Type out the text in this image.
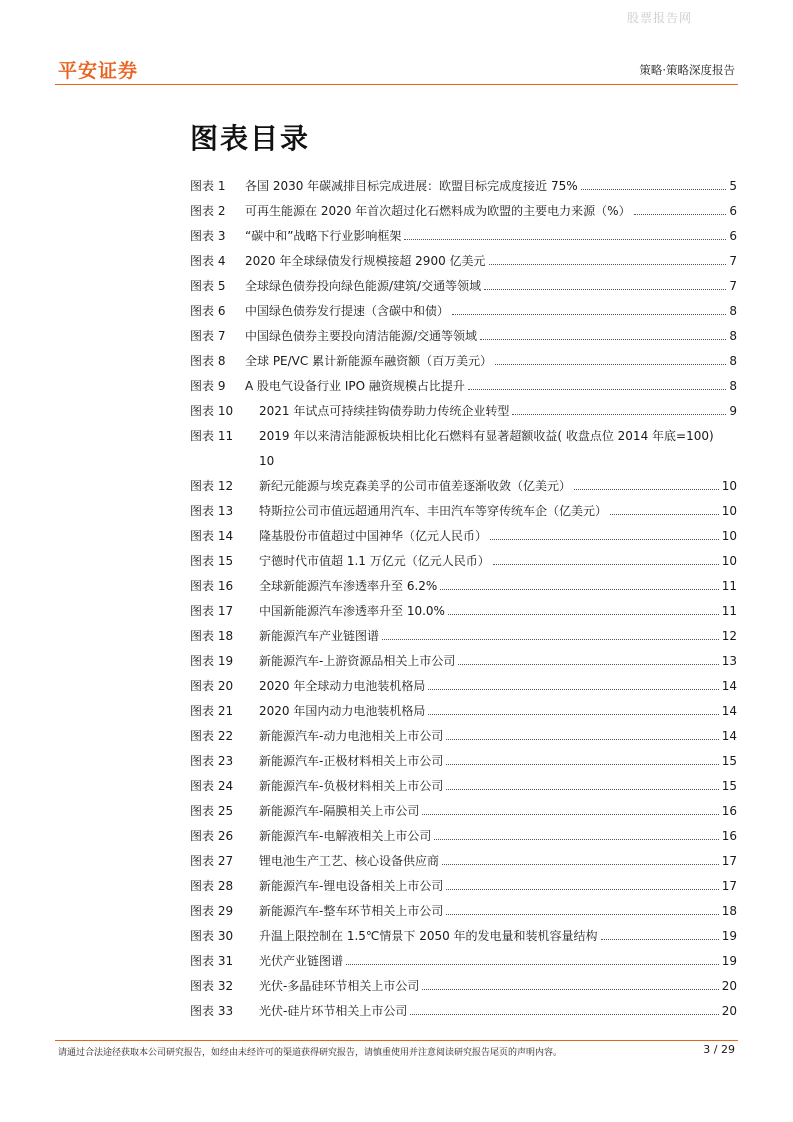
股票报告网
平安证券	策略·策略深度报告
图表目录
图表 1	各国 2030 年碳减排目标完成进展：欧盟目标完成度接近 75%	5
图表 2	可再生能源在 2020 年首次超过化石燃料成为欧盟的主要电力来源（%）	6
图表 3	“碳中和”战略下行业影响框架	6
图表 4	2020 年全球绿债发行规模接超 2900 亿美元	7
图表 5	全球绿色债券投向绿色能源/建筑/交通等领域	7
图表 6	中国绿色债券发行提速（含碳中和债）	8
图表 7	中国绿色债券主要投向清洁能源/交通等领域	8
图表 8	全球 PE/VC 累计新能源车融资额（百万美元）	8
图表 9	A 股电气设备行业 IPO 融资规模占比提升	8
图表 10	2021 年试点可持续挂钩债券助力传统企业转型	9
图表 11	2019 年以来清洁能源板块相比化石燃料有显著超额收益( 收盘点位 2014 年底=100)
10
图表 12	新纪元能源与埃克森美孚的公司市值差逐渐收敛（亿美元）	10
图表 13	特斯拉公司市值远超通用汽车、丰田汽车等穿传统车企（亿美元）	10
图表 14	隆基股份市值超过中国神华（亿元人民币）	10
图表 15	宁德时代市值超 1.1 万亿元（亿元人民币）	10
图表 16	全球新能源汽车渗透率升至 6.2%	11
图表 17	中国新能源汽车渗透率升至 10.0%	11
图表 18	新能源汽车产业链图谱	12
图表 19	新能源汽车-上游资源品相关上市公司	13
图表 20	2020 年全球动力电池装机格局	14
图表 21	2020 年国内动力电池装机格局	14
图表 22	新能源汽车-动力电池相关上市公司	14
图表 23	新能源汽车-正极材料相关上市公司	15
图表 24	新能源汽车-负极材料相关上市公司	15
图表 25	新能源汽车-隔膜相关上市公司	16
图表 26	新能源汽车-电解液相关上市公司	16
图表 27	锂电池生产工艺、核心设备供应商	17
图表 28	新能源汽车-锂电设备相关上市公司	17
图表 29	新能源汽车-整车环节相关上市公司	18
图表 30	升温上限控制在 1.5℃情景下 2050 年的发电量和装机容量结构	19
图表 31	光伏产业链图谱	19
图表 32	光伏-多晶硅环节相关上市公司	20
图表 33	光伏-硅片环节相关上市公司	20
请通过合法途径获取本公司研究报告，如经由未经许可的渠道获得研究报告，请慎重使用并注意阅读研究报告尾页的声明内容。	3 / 29
